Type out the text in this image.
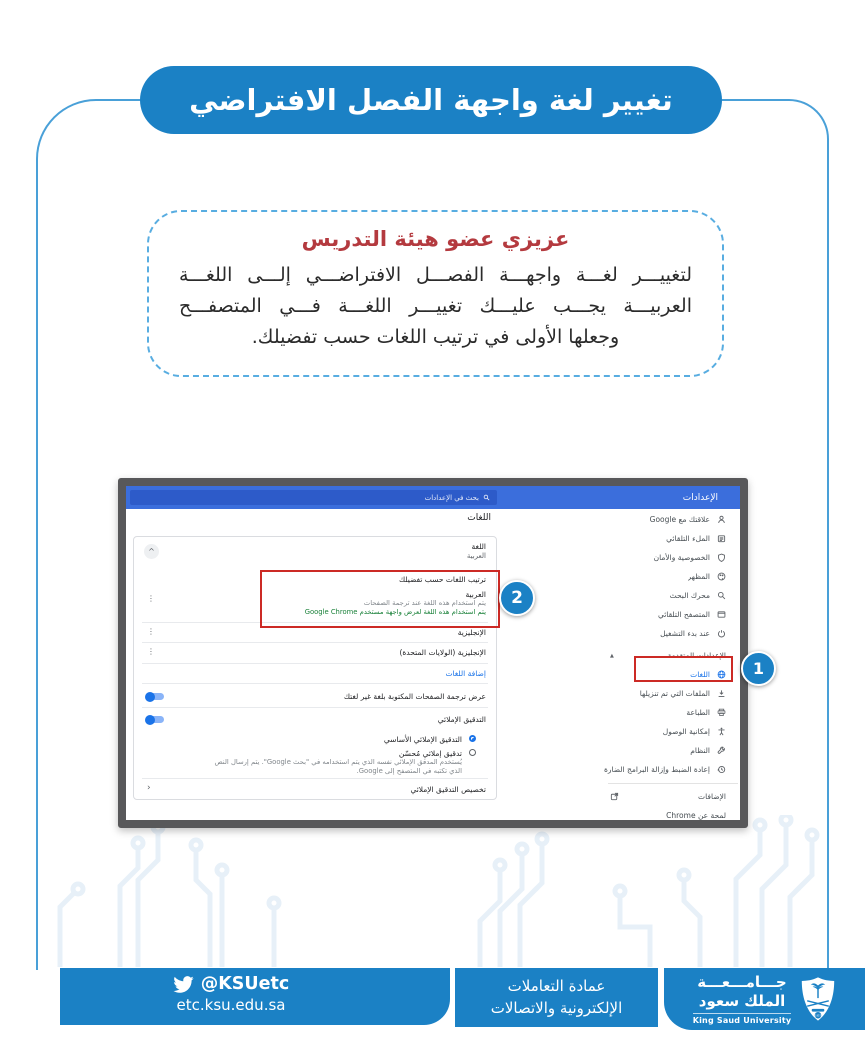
تغيير لغة واجهة الفصل الافتراضي
عزيزي عضو هيئة التدريس
لتغييـــر لغـــة واجهـــة الفصـــل الافتراضـــي إلـــى اللغـــة
العربيـــة يجـــب عليـــك تغييـــر اللغـــة فـــي المتصفـــح
وجعلها الأولى في ترتيب اللغات حسب تفضيلك.
الإعدادات
بحث في الإعدادات
علاقتك مع Google
الملء التلقائي
الخصوصية والأمان
المظهر
محرك البحث
المتصفح التلقائي
عند بدء التشغيل
الإعدادات المتقدمة
▲
اللغات
الملفات التي تم تنزيلها
الطباعة
إمكانية الوصول
النظام
إعادة الضبط وإزالة البرامج الضارة
الإضافات
لمحة عن Chrome
اللغات
اللغة
العربية
^
ترتيب اللغات حسب تفضيلك
العربية
يتم استخدام هذه اللغة عند ترجمة الصفحات
يتم استخدام هذه اللغة لعرض واجهة مستخدم Google Chrome
⋮
الإنجليزية
⋮
الإنجليزية (الولايات المتحدة)
⋮
إضافة اللغات
عرض ترجمة الصفحات المكتوبة بلغة غير لغتك
التدقيق الإملائي
التدقيق الإملائي الأساسي
تدقيق إملائي مُحسّن
يُستخدم المدقق الإملائي نفسه الذي يتم استخدامه في "بحث Google". يتم إرسال النص
الذي تكتبه في المتصفح إلى Google.
تخصيص التدقيق الإملائي
‹
1
2
@KSUetc
etc.ksu.edu.sa
عمادة التعاملات
الإلكترونية والاتصالات
جـــامـــعـــة
الملك سعود
King Saud University	1957
